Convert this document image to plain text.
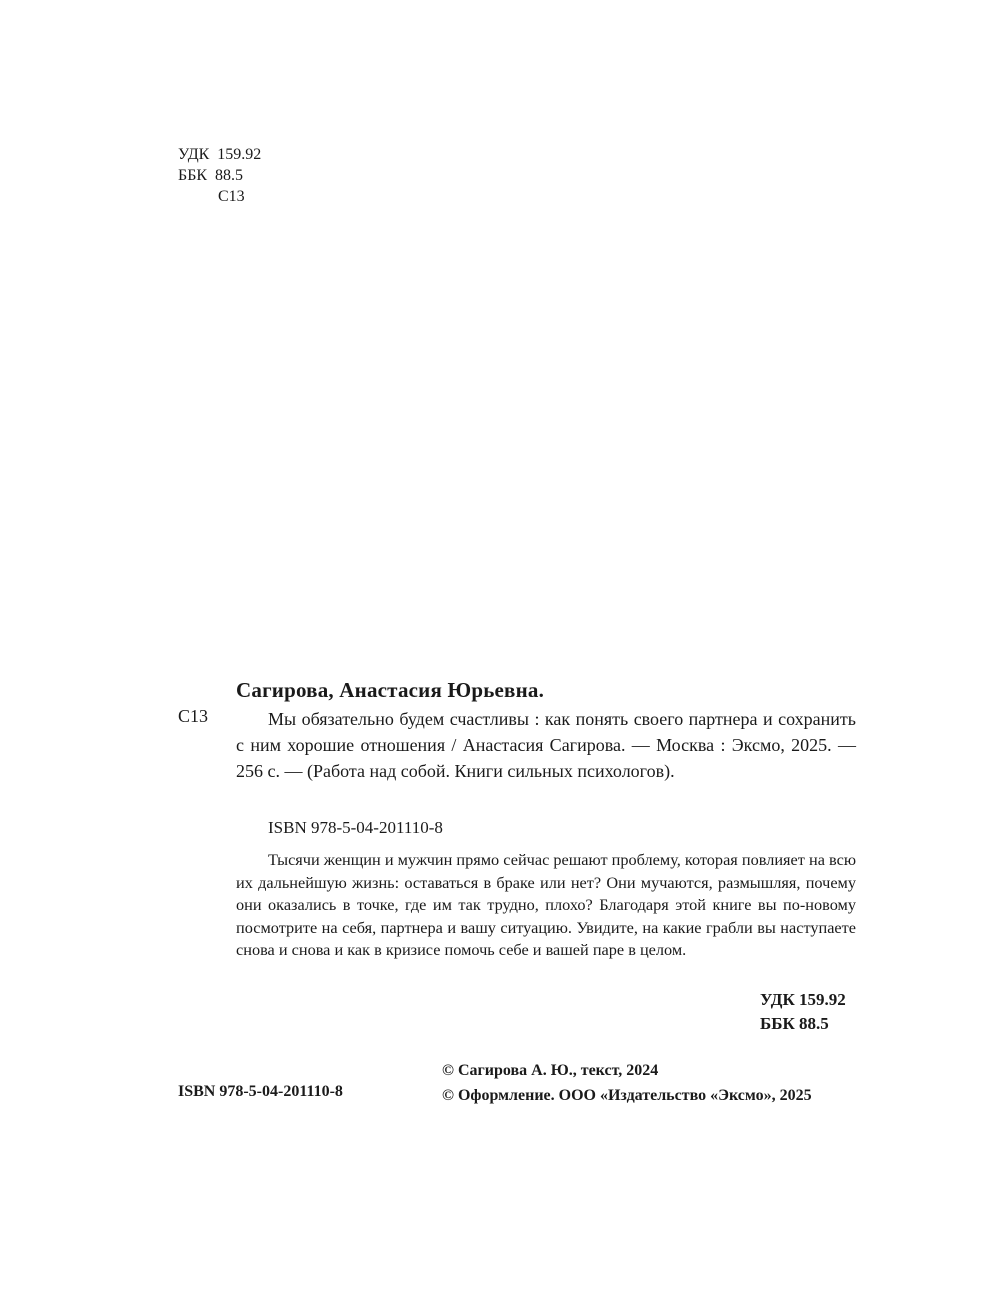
УДК  159.92
ББК  88.5
С13
Сагирова, Анастасия Юрьевна.
С13	Мы обязательно будем счастливы : как понять своего партнера и сохранить с ним хорошие отношения / Анастасия Сагирова. — Москва : Эксмо, 2025. — 256 с. — (Работа над собой. Книги сильных психологов).
ISBN 978-5-04-201110-8
Тысячи женщин и мужчин прямо сейчас решают проблему, которая повлияет на всю их дальнейшую жизнь: оставаться в браке или нет? Они мучаются, размышляя, почему они оказались в точке, где им так трудно, плохо? Благодаря этой книге вы по-новому посмотрите на себя, партнера и вашу ситуацию. Увидите, на какие грабли вы наступаете снова и снова и как в кризисе помочь себе и вашей паре в целом.
УДК 159.92
ББК 88.5
ISBN 978-5-04-201110-8
© Сагирова А. Ю., текст, 2024
© Оформление. ООО «Издательство «Эксмо», 2025
